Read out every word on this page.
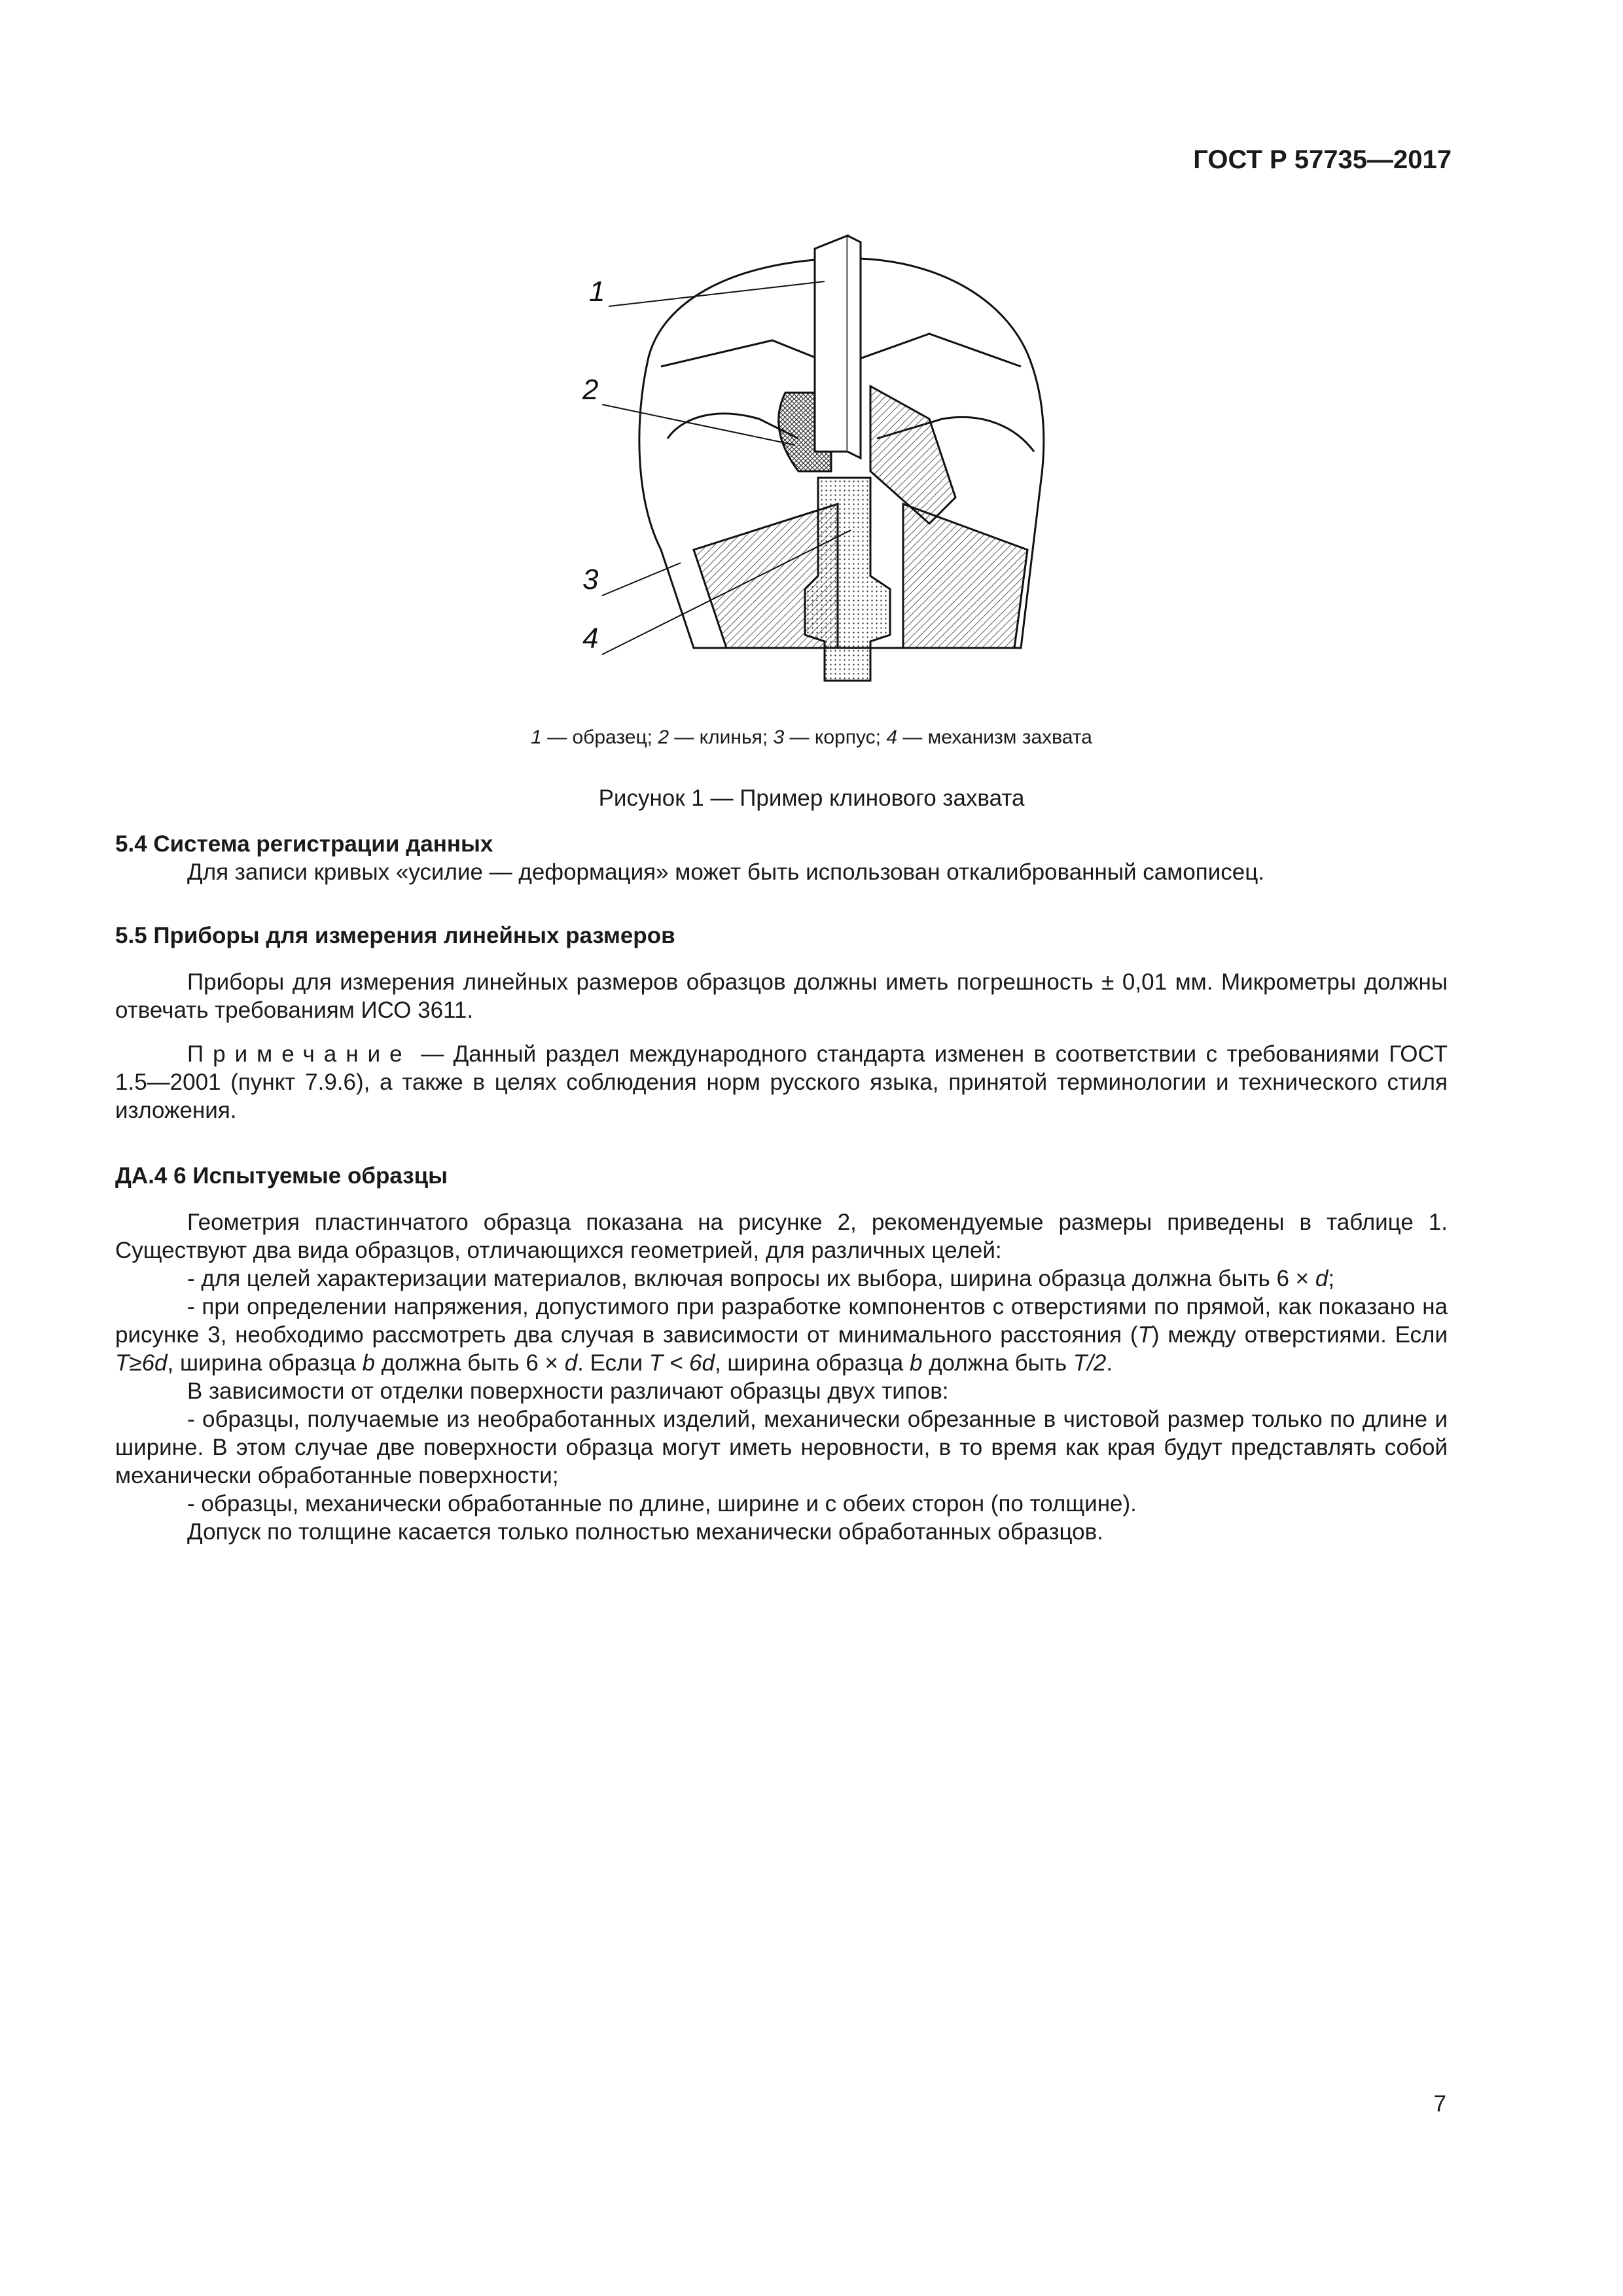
ГОСТ Р 57735—2017
1
2
3
4
1 — образец; 2 — клинья; 3 — корпус; 4 — механизм захвата
Рисунок 1 — Пример клинового захвата

5.4 Система регистрации данных

Для записи кривых «усилие — деформация» может быть использован откалиброванный самописец.

5.5 Приборы для измерения линейных размеров

Приборы для измерения линейных размеров образцов должны иметь погрешность ± 0,01 мм. Микрометры должны отвечать требованиям ИСО 3611.

Примечание — Данный раздел международного стандарта изменен в соответствии с требованиями ГОСТ 1.5—2001 (пункт 7.9.6), а также в целях соблюдения норм русского языка, принятой терминологии и технического стиля изложения.

ДА.4 6 Испытуемые образцы

Геометрия пластинчатого образца показана на рисунке 2, рекомендуемые размеры приведены в таблице 1. Существуют два вида образцов, отличающихся геометрией, для различных целей:

- для целей характеризации материалов, включая вопросы их выбора, ширина образца должна быть 6 × d;

- при определении напряжения, допустимого при разработке компонентов с отверстиями по прямой, как показано на рисунке 3, необходимо рассмотреть два случая в зависимости от минимального расстояния (T) между отверстиями. Если T≥6d, ширина образца b должна быть 6 × d. Если T < 6d, ширина образца b должна быть T/2.

В зависимости от отделки поверхности различают образцы двух типов:

- образцы, получаемые из необработанных изделий, механически обрезанные в чистовой размер только по длине и ширине. В этом случае две поверхности образца могут иметь неровности, в то время как края будут представлять собой механически обработанные поверхности;

- образцы, механически обработанные по длине, ширине и с обеих сторон (по толщине).

Допуск по толщине касается только полностью механически обработанных образцов.

7
